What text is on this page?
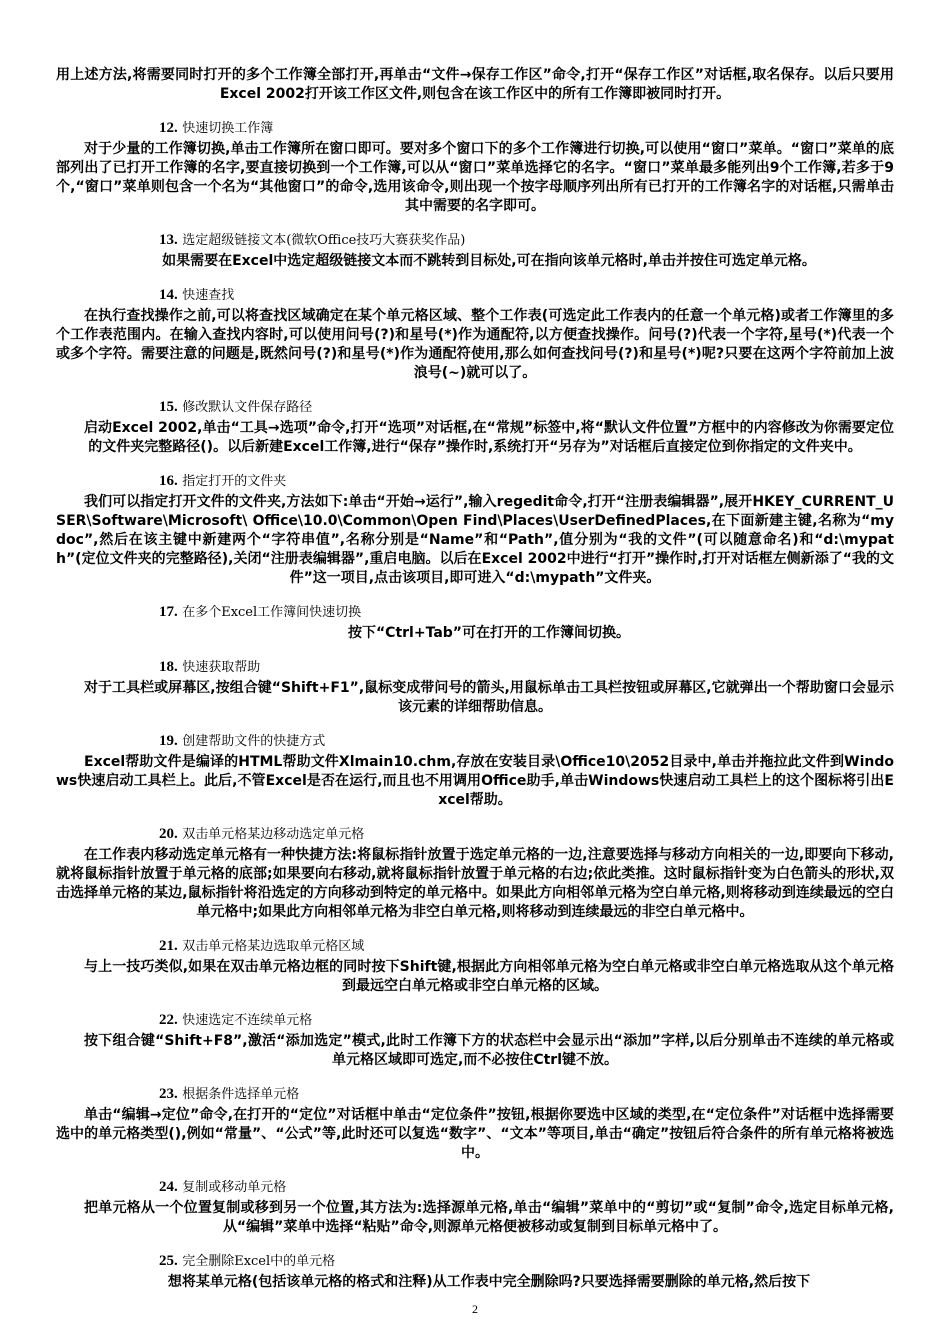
用上述方法,将需要同时打开的多个工作簿全部打开,再单击“文件→保存工作区”命令,打开“保存工作区”对话框,取名保存。以后只要用Excel 2002打开该工作区文件,则包含在该工作区中的所有工作簿即被同时打开。

12. 快速切换工作簿

对于少量的工作簿切换,单击工作簿所在窗口即可。要对多个窗口下的多个工作簿进行切换,可以使用“窗口”菜单。“窗口”菜单的底部列出了已打开工作簿的名字,要直接切换到一个工作簿,可以从“窗口”菜单选择它的名字。“窗口”菜单最多能列出9个工作簿,若多于9个,“窗口”菜单则包含一个名为“其他窗口”的命令,选用该命令,则出现一个按字母顺序列出所有已打开的工作簿名字的对话框,只需单击其中需要的名字即可。

13. 选定超级链接文本(微软Office技巧大赛获奖作品)

如果需要在Excel中选定超级链接文本而不跳转到目标处,可在指向该单元格时,单击并按住可选定单元格。

14. 快速查找

在执行查找操作之前,可以将查找区域确定在某个单元格区域、整个工作表(可选定此工作表内的任意一个单元格)或者工作簿里的多个工作表范围内。在输入查找内容时,可以使用问号(?)和星号(*)作为通配符,以方便查找操作。问号(?)代表一个字符,星号(*)代表一个或多个字符。需要注意的问题是,既然问号(?)和星号(*)作为通配符使用,那么如何查找问号(?)和星号(*)呢?只要在这两个字符前加上波浪号(~)就可以了。

15. 修改默认文件保存路径

启动Excel 2002,单击“工具→选项”命令,打开“选项”对话框,在“常规”标签中,将“默认文件位置”方框中的内容修改为你需要定位的文件夹完整路径()。以后新建Excel工作簿,进行“保存”操作时,系统打开“另存为”对话框后直接定位到你指定的文件夹中。

16. 指定打开的文件夹

我们可以指定打开文件的文件夹,方法如下:单击“开始→运行”,输入regedit命令,打开“注册表编辑器”,展开HKEY_CURRENT_USER\Software\Microsoft\ Office\10.0\Common\Open Find\Places\UserDefinedPlaces,在下面新建主键,名称为“mydoc”,然后在该主键中新建两个“字符串值”,名称分别是“Name”和“Path”,值分别为“我的文件”(可以随意命名)和“d:\mypath”(定位文件夹的完整路径),关闭“注册表编辑器”,重启电脑。以后在Excel 2002中进行“打开”操作时,打开对话框左侧新添了“我的文件”这一项目,点击该项目,即可进入“d:\mypath”文件夹。

17. 在多个Excel工作簿间快速切换

按下“Ctrl+Tab”可在打开的工作簿间切换。

18. 快速获取帮助

对于工具栏或屏幕区,按组合键“Shift+F1”,鼠标变成带问号的箭头,用鼠标单击工具栏按钮或屏幕区,它就弹出一个帮助窗口会显示该元素的详细帮助信息。

19. 创建帮助文件的快捷方式

Excel帮助文件是编译的HTML帮助文件Xlmain10.chm,存放在安装目录\Office10\2052目录中,单击并拖拉此文件到Windows快速启动工具栏上。此后,不管Excel是否在运行,而且也不用调用Office助手,单击Windows快速启动工具栏上的这个图标将引出Excel帮助。

20. 双击单元格某边移动选定单元格

在工作表内移动选定单元格有一种快捷方法:将鼠标指针放置于选定单元格的一边,注意要选择与移动方向相关的一边,即要向下移动,就将鼠标指针放置于单元格的底部;如果要向右移动,就将鼠标指针放置于单元格的右边;依此类推。这时鼠标指针变为白色箭头的形状,双击选择单元格的某边,鼠标指针将沿选定的方向移动到特定的单元格中。如果此方向相邻单元格为空白单元格,则将移动到连续最远的空白单元格中;如果此方向相邻单元格为非空白单元格,则将移动到连续最远的非空白单元格中。

21. 双击单元格某边选取单元格区域

与上一技巧类似,如果在双击单元格边框的同时按下Shift键,根据此方向相邻单元格为空白单元格或非空白单元格选取从这个单元格到最远空白单元格或非空白单元格的区域。

22. 快速选定不连续单元格

按下组合键“Shift+F8”,激活“添加选定”模式,此时工作簿下方的状态栏中会显示出“添加”字样,以后分别单击不连续的单元格或单元格区域即可选定,而不必按住Ctrl键不放。

23. 根据条件选择单元格

单击“编辑→定位”命令,在打开的“定位”对话框中单击“定位条件”按钮,根据你要选中区域的类型,在“定位条件”对话框中选择需要选中的单元格类型(),例如“常量”、“公式”等,此时还可以复选“数字”、“文本”等项目,单击“确定”按钮后符合条件的所有单元格将被选中。

24. 复制或移动单元格

把单元格从一个位置复制或移到另一个位置,其方法为:选择源单元格,单击“编辑”菜单中的“剪切”或“复制”命令,选定目标单元格,从“编辑”菜单中选择“粘贴”命令,则源单元格便被移动或复制到目标单元格中了。

25. 完全删除Excel中的单元格

想将某单元格(包括该单元格的格式和注释)从工作表中完全删除吗?只要选择需要删除的单元格,然后按下

2
